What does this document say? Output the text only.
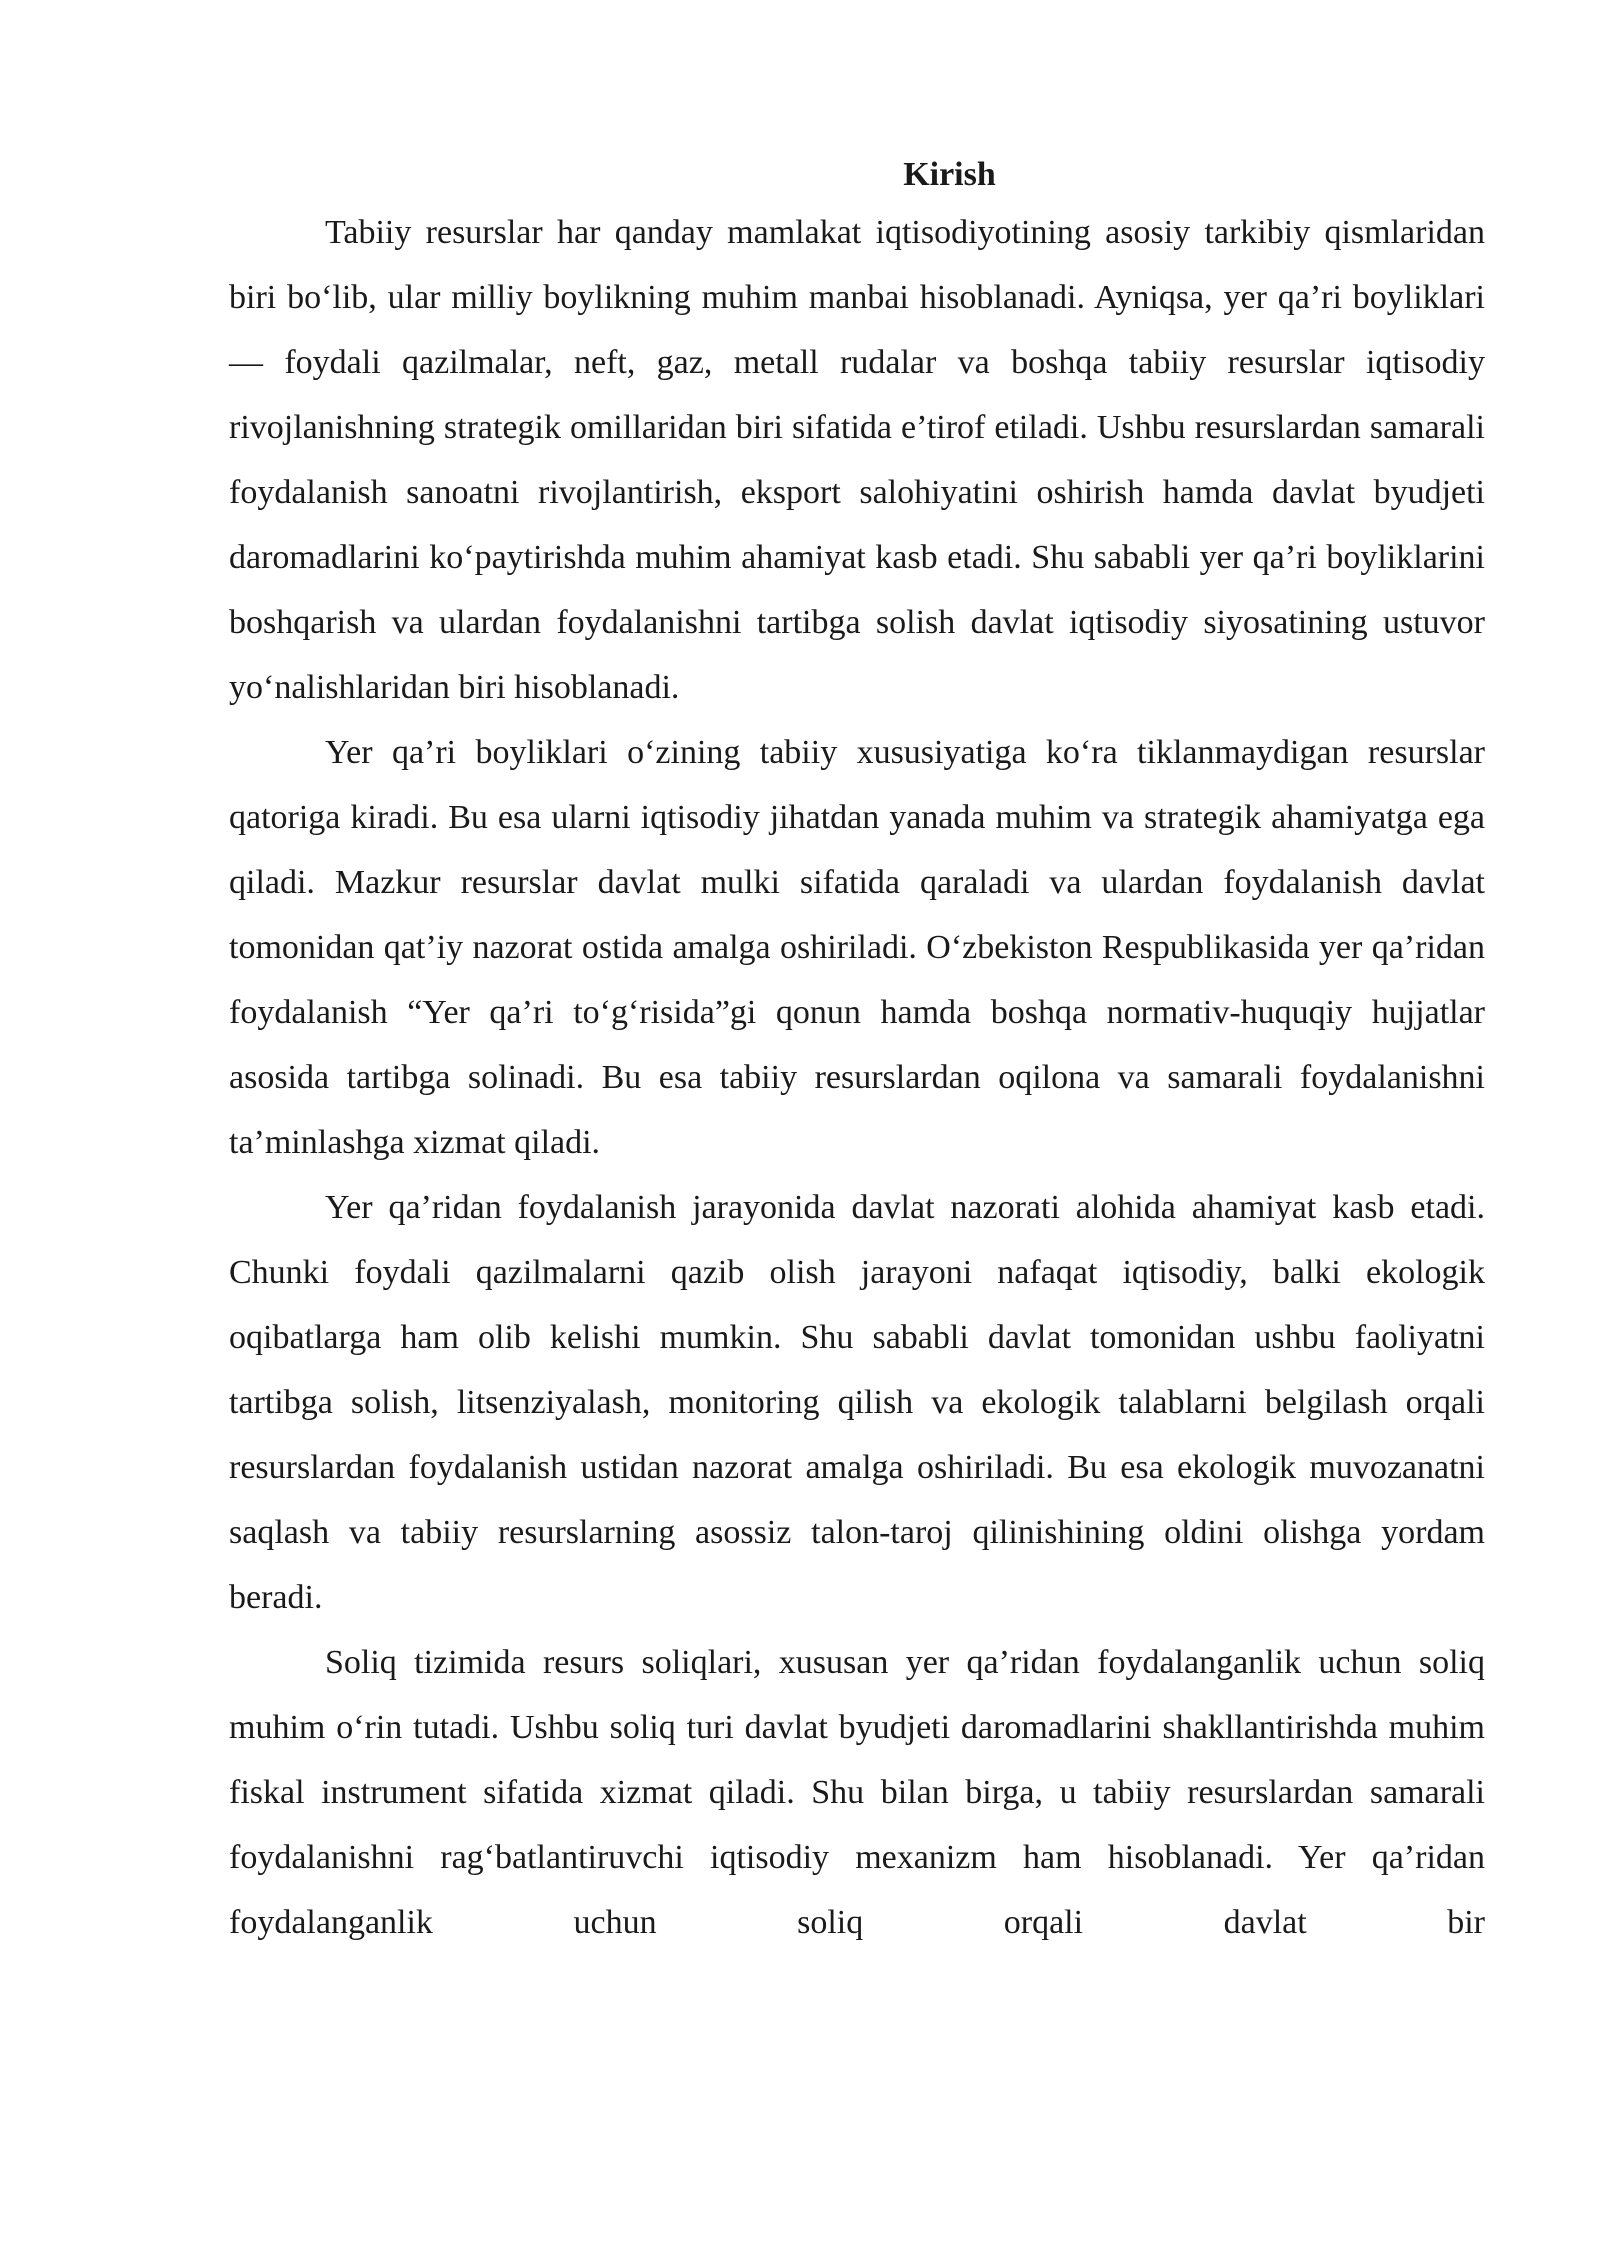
Kirish

Tabiiy resurslar har qanday mamlakat iqtisodiyotining asosiy tarkibiy qismlaridan biri bo‘lib, ular milliy boylikning muhim manbai hisoblanadi. Ayniqsa, yer qa’ri boyliklari — foydali qazilmalar, neft, gaz, metall rudalar va boshqa tabiiy resurslar iqtisodiy rivojlanishning strategik omillaridan biri sifatida e’tirof etiladi. Ushbu resurslardan samarali foydalanish sanoatni rivojlantirish, eksport salohiyatini oshirish hamda davlat byudjeti daromadlarini ko‘paytirishda muhim ahamiyat kasb etadi. Shu sababli yer qa’ri boyliklarini boshqarish va ulardan foydalanishni tartibga solish davlat iqtisodiy siyosatining ustuvor yo‘nalishlaridan biri hisoblanadi.

Yer qa’ri boyliklari o‘zining tabiiy xususiyatiga ko‘ra tiklanmaydigan resurslar qatoriga kiradi. Bu esa ularni iqtisodiy jihatdan yanada muhim va strategik ahamiyatga ega qiladi. Mazkur resurslar davlat mulki sifatida qaraladi va ulardan foydalanish davlat tomonidan qat’iy nazorat ostida amalga oshiriladi. O‘zbekiston Respublikasida yer qa’ridan foydalanish “Yer qa’ri to‘g‘risida”gi qonun hamda boshqa normativ-huquqiy hujjatlar asosida tartibga solinadi. Bu esa tabiiy resurslardan oqilona va samarali foydalanishni ta’minlashga xizmat qiladi.

Yer qa’ridan foydalanish jarayonida davlat nazorati alohida ahamiyat kasb etadi. Chunki foydali qazilmalarni qazib olish jarayoni nafaqat iqtisodiy, balki ekologik oqibatlarga ham olib kelishi mumkin. Shu sababli davlat tomonidan ushbu faoliyatni tartibga solish, litsenziyalash, monitoring qilish va ekologik talablarni belgilash orqali resurslardan foydalanish ustidan nazorat amalga oshiriladi. Bu esa ekologik muvozanatni saqlash va tabiiy resurslarning asossiz talon-taroj qilinishining oldini olishga yordam beradi.

Soliq tizimida resurs soliqlari, xususan yer qa’ridan foydalanganlik uchun soliq muhim o‘rin tutadi. Ushbu soliq turi davlat byudjeti daromadlarini shakllantirishda muhim fiskal instrument sifatida xizmat qiladi. Shu bilan birga, u tabiiy resurslardan samarali foydalanishni rag‘batlantiruvchi iqtisodiy mexanizm ham hisoblanadi. Yer qa’ridan foydalanganlik uchun soliq orqali davlat bir
